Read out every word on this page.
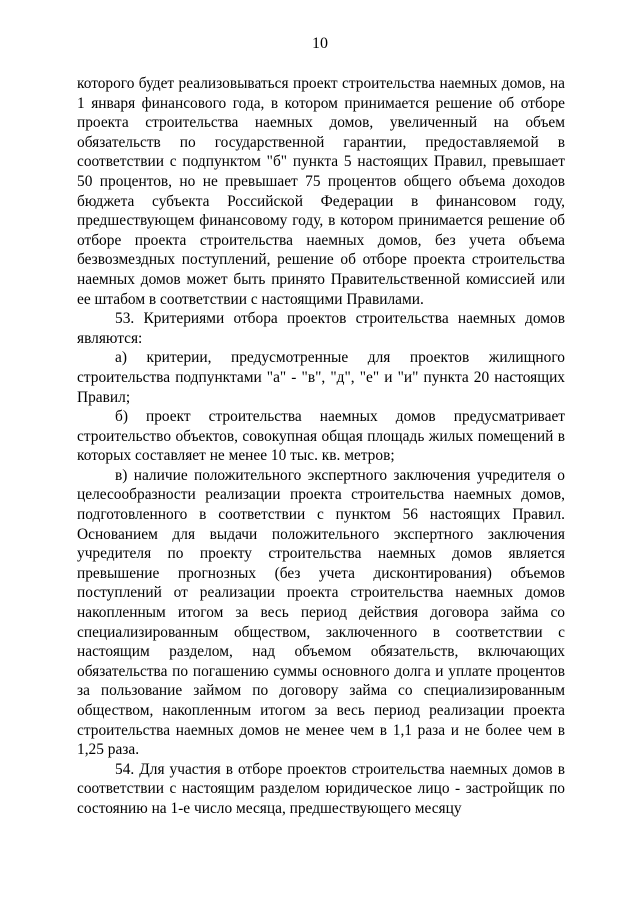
10

которого будет реализовываться проект строительства наемных домов, на 1 января финансового года, в котором принимается решение об отборе проекта строительства наемных домов, увеличенный на объем обязательств по государственной гарантии, предоставляемой в соответствии с подпунктом "б" пункта 5 настоящих Правил, превышает 50 процентов, но не превышает 75 процентов общего объема доходов бюджета субъекта Российской Федерации в финансовом году, предшествующем финансовому году, в котором принимается решение об отборе проекта строительства наемных домов, без учета объема безвозмездных поступлений, решение об отборе проекта строительства наемных домов может быть принято Правительственной комиссией или ее штабом в соответствии с настоящими Правилами.

53. Критериями отбора проектов строительства наемных домов являются:

а) критерии, предусмотренные для проектов жилищного строительства подпунктами "а" - "в", "д", "е" и "и" пункта 20 настоящих Правил;

б) проект строительства наемных домов предусматривает строительство объектов, совокупная общая площадь жилых помещений в которых составляет не менее 10 тыс. кв. метров;

в) наличие положительного экспертного заключения учредителя о целесообразности реализации проекта строительства наемных домов, подготовленного в соответствии с пунктом 56 настоящих Правил. Основанием для выдачи положительного экспертного заключения учредителя по проекту строительства наемных домов является превышение прогнозных (без учета дисконтирования) объемов поступлений от реализации проекта строительства наемных домов накопленным итогом за весь период действия договора займа со специализированным обществом, заключенного в соответствии с настоящим разделом, над объемом обязательств, включающих обязательства по погашению суммы основного долга и уплате процентов за пользование займом по договору займа со специализированным обществом, накопленным итогом за весь период реализации проекта строительства наемных домов не менее чем в 1,1 раза и не более чем в 1,25 раза.

54. Для участия в отборе проектов строительства наемных домов в соответствии с настоящим разделом юридическое лицо - застройщик по состоянию на 1-е число месяца, предшествующего месяцу
